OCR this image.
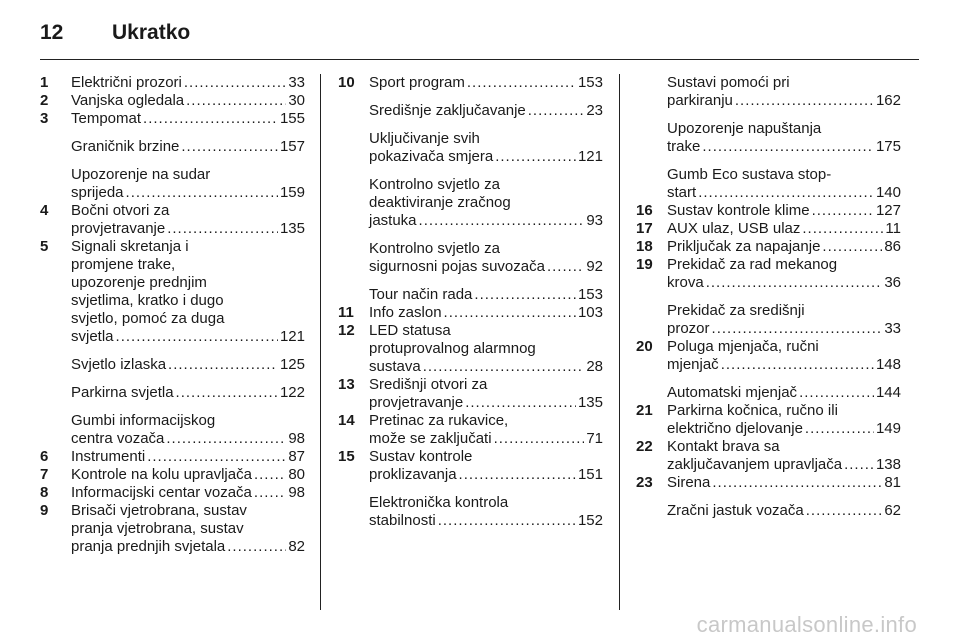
12	Ukratko
1 Električni prozori .....	33
2 Vanjska ogledala .....	30
3 Tempomat .....	155
Graničnik brzine .....	157
Upozorenje na sudar
sprijeda .....	159
4 Bočni otvori za
provjetravanje .....	135
5 Signali skretanja i
promjene trake,
upozorenje prednjim
svjetlima, kratko i dugo
svjetlo, pomoć za duga
svjetla .....	121
Svjetlo izlaska .....	125
Parkirna svjetla .....	122
Gumbi informacijskog
centra vozača .....	98
6 Instrumenti .....	87
7 Kontrole na kolu upravljača ..... 80
8 Informacijski centar vozača ..... 98
9 Brisači vjetrobrana, sustav
pranja vjetrobrana, sustav
pranja prednjih svjetala .....	82
10 Sport program .....	153
Središnje zaključavanje .....	23
Uključivanje svih
pokazivača smjera .....	121
Kontrolno svjetlo za
deaktiviranje zračnog
jastuka .....	93
Kontrolno svjetlo za
sigurnosni pojas suvozača .....	92
Tour način rada .....	153
11 Info zaslon .....	103
12 LED statusa
protuprovalnog alarmnog
sustava .....	28
13 Središnji otvori za
provjetravanje .....	135
14 Pretinac za rukavice,
može se zaključati .....	71
15 Sustav kontrole
proklizavanja .....	151
Elektronička kontrola
stabilnosti .....	152
Sustavi pomoći pri
parkiranju .....	162
Upozorenje napuštanja
trake .....	175
Gumb Eco sustava stop-
start .....	140
16 Sustav kontrole klime .....	127
17 AUX ulaz, USB ulaz .....	11
18 Priključak za napajanje .....	86
19 Prekidač za rad mekanog
krova .....	36
Prekidač za središnji
prozor .....	33
20 Poluga mjenjača, ručni
mjenjač .....	148
Automatski mjenjač .....	144
21 Parkirna kočnica, ručno ili
električno djelovanje .....	149
22 Kontakt brava sa
zaključavanjem upravljača ..... 138
23 Sirena .....	81
Zračni jastuk vozača .....	62
carmanualsonline.info
